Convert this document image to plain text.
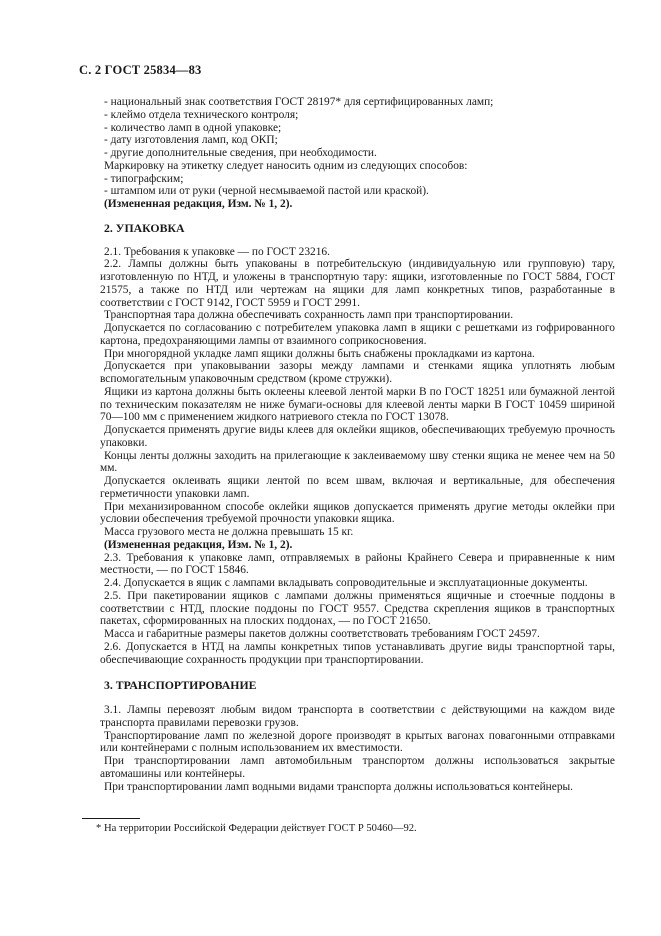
С. 2 ГОСТ 25834—83

- национальный знак соответствия ГОСТ 28197* для сертифицированных ламп;

- клеймо отдела технического контроля;

- количество ламп в одной упаковке;

- дату изготовления ламп, код ОКП;

- другие дополнительные сведения, при необходимости.

Маркировку на этикетку следует наносить одним из следующих способов:

- типографским;

- штампом или от руки (черной несмываемой пастой или краской).

(Измененная редакция, Изм. № 1, 2).

2. УПАКОВКА

2.1. Требования к упаковке — по ГОСТ 23216.

2.2. Лампы должны быть упакованы в потребительскую (индивидуальную или групповую) тару, изготовленную по НТД, и уложены в транспортную тару: ящики, изготовленные по ГОСТ 5884, ГОСТ 21575, а также по НТД или чертежам на ящики для ламп конкретных типов, разработанные в соответствии с ГОСТ 9142, ГОСТ 5959 и ГОСТ 2991.

Транспортная тара должна обеспечивать сохранность ламп при транспортировании.

Допускается по согласованию с потребителем упаковка ламп в ящики с решетками из гофрированного картона, предохраняющими лампы от взаимного соприкосновения.

При многорядной укладке ламп ящики должны быть снабжены прокладками из картона.

Допускается при упаковывании зазоры между лампами и стенками ящика уплотнять любым вспомогательным упаковочным средством (кроме стружки).

Ящики из картона должны быть оклеены клеевой лентой марки В по ГОСТ 18251 или бумажной лентой по техническим показателям не ниже бумаги-основы для клеевой ленты марки В ГОСТ 10459 шириной 70—100 мм с применением жидкого натриевого стекла по ГОСТ 13078.

Допускается применять другие виды клеев для оклейки ящиков, обеспечивающих требуемую прочность упаковки.

Концы ленты должны заходить на прилегающие к заклеиваемому шву стенки ящика не менее чем на 50 мм.

Допускается оклеивать ящики лентой по всем швам, включая и вертикальные, для обеспечения герметичности упаковки ламп.

При механизированном способе оклейки ящиков допускается применять другие методы оклейки при условии обеспечения требуемой прочности упаковки ящика.

Масса грузового места не должна превышать 15 кг.

(Измененная редакция, Изм. № 1, 2).

2.3. Требования к упаковке ламп, отправляемых в районы Крайнего Севера и приравненные к ним местности, — по ГОСТ 15846.

2.4. Допускается в ящик с лампами вкладывать сопроводительные и эксплуатационные документы.

2.5. При пакетировании ящиков с лампами должны применяться ящичные и стоечные поддоны в соответствии с НТД, плоские поддоны по ГОСТ 9557. Средства скрепления ящиков в транспортных пакетах, сформированных на плоских поддонах, — по ГОСТ 21650.

Масса и габаритные размеры пакетов должны соответствовать требованиям ГОСТ 24597.

2.6. Допускается в НТД на лампы конкретных типов устанавливать другие виды транспортной тары, обеспечивающие сохранность продукции при транспортировании.

3. ТРАНСПОРТИРОВАНИЕ

3.1. Лампы перевозят любым видом транспорта в соответствии с действующими на каждом виде транспорта правилами перевозки грузов.

Транспортирование ламп по железной дороге производят в крытых вагонах повагонными отправками или контейнерами с полным использованием их вместимости.

При транспортировании ламп автомобильным транспортом должны использоваться закрытые автомашины или контейнеры.

При транспортировании ламп водными видами транспорта должны использоваться контейнеры.

* На территории Российской Федерации действует ГОСТ Р 50460—92.
